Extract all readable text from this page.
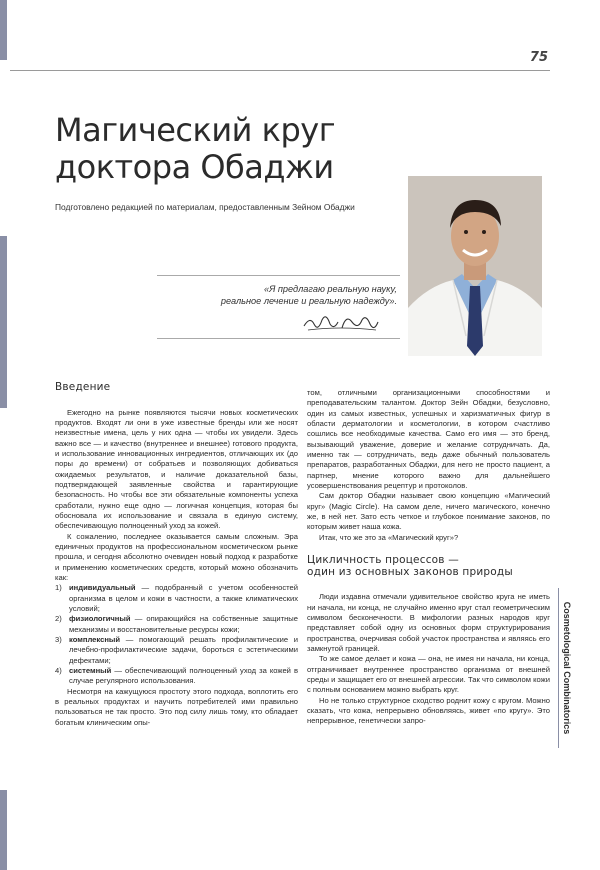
75
Магический круг
доктора Обаджи
Подготовлено редакцией по материалам, предоставленным Зейном Обаджи
«Я предлагаю реальную науку,
реальное лечение и реальную надежду».
Введение

Ежегодно на рынке появляются тысячи новых косметических продуктов. Входят ли они в уже известные бренды или же носят неизвестные имена, цель у них одна — чтобы их увидели. Здесь важно все — и качество (внутреннее и внешнее) готового продукта, и использование инновационных ингредиентов, отличающих их (до поры до времени) от собратьев и позволяющих добиваться ожидаемых результатов, и наличие доказательной базы, подтверждающей заявленные свойства и гарантирующие безопасность. Но чтобы все эти обязательные компоненты успеха сработали, нужно еще одно — логичная концепция, которая бы обосновала их использование и связала в единую систему, обеспечивающую полноценный уход за кожей.

К сожалению, последнее оказывается самым сложным. Эра единичных продуктов на профессиональном косметическом рынке прошла, и сегодня абсолютно очевиден новый подход к разработке и применению косметических средств, который можно обозначить как:

1) индивидуальный — подобранный с учетом особенностей организма в целом и кожи в частности, а также климатических условий;
2) физиологичный — опирающийся на собственные защитные механизмы и восстановительные ресурсы кожи;
3) комплексный — помогающий решать профилактические и лечебно-профилактические задачи, бороться с эстетическими дефектами;
4) системный — обеспечивающий полноценный уход за кожей в случае регулярного использования.

Несмотря на кажущуюся простоту этого подхода, воплотить его в реальных продуктах и научить потребителей ими правильно пользоваться не так просто. Это под силу лишь тому, кто обладает богатым клиническим опы-

том, отличными организационными способностями и преподавательским талантом. Доктор Зейн Обаджи, безусловно, один из самых известных, успешных и харизматичных фигур в области дерматологии и косметологии, в котором счастливо сошлись все необходимые качества. Само его имя — это бренд, вызывающий уважение, доверие и желание сотрудничать. Да, именно так — сотрудничать, ведь даже обычный пользователь препаратов, разработанных Обаджи, для него не просто пациент, а партнер, мнение которого важно для дальнейшего усовершенствования рецептур и протоколов.

Сам доктор Обаджи называет свою концепцию «Магический круг» (Magic Circle). На самом деле, ничего магического, конечно же, в ней нет. Зато есть четкое и глубокое понимание законов, по которым живет наша кожа.

Итак, что же это за «Магический круг»?

Цикличность процессов —
один из основных законов природы

Люди издавна отмечали удивительное свойство круга не иметь ни начала, ни конца, не случайно именно круг стал геометрическим символом бесконечности. В мифологии разных народов круг представляет собой одну из основных форм структурирования пространства, очерчивая собой участок пространства и являясь его замкнутой границей.

То же самое делает и кожа — она, не имея ни начала, ни конца, отграничивает внутреннее пространство организма от внешней среды и защищает его от внешней агрессии. Так что символом кожи с полным основанием можно выбрать круг.

Но не только структурное сходство роднит кожу с кругом. Можно сказать, что кожа, непрерывно обновляясь, живет «по кругу». Это непрерывное, генетически запро-	Cosmetological Combinatorics
